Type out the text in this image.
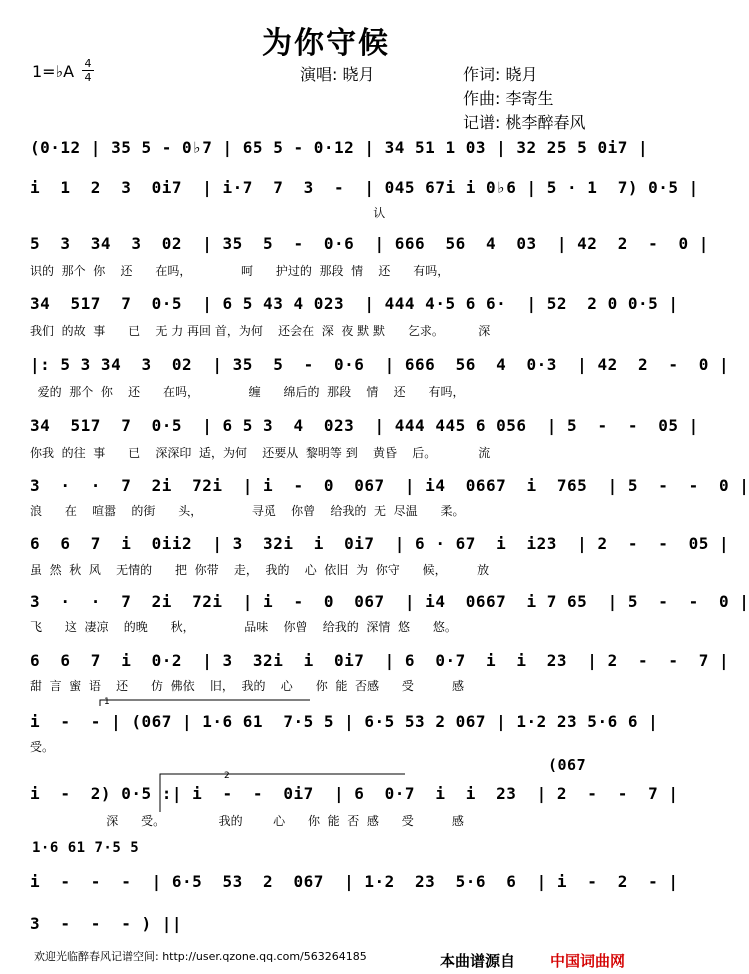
为你守候
1=♭A 4
4	演唱: 晓月	作词: 晓月
作曲: 李寄生
记谱: 桃李醉春风
(0·12 | 35 5 - 0♭7 | 65 5 - 0·12 | 34 51 1 03 | 32 25 5 0i7 |
i  1  2  3  0i7  | i·7  7  3  -  | 045 67i i 0♭6 | 5 · 1  7) 0·5 |
认
5  3  34  3  02  | 35  5  -  0·6  | 666  56  4  03  | 42  2  -  0 |
识的  那个  你    还      在吗，             呵      护过的  那段  情    还      有吗，
34  517  7  0·5  | 6 5 43 4 023  | 444 4·5 6 6·  | 52  2 0 0·5 |
我们  的故  事      已    无 力 再回 首，为何    还会在  深  夜 默 默      乞求。         深
|: 5 3 34  3  02  | 35  5  -  0·6  | 666  56  4  0·3  | 42  2  -  0 |
爱的  那个  你    还      在吗，             缠      绵后的  那段    情    还      有吗，
34  517  7  0·5  | 6 5 3  4  023  | 444 445 6 056  | 5  -  -  05 |
你我  的往  事      已    深深印  适，为何    还要从  黎明等 到    黄昏    后。           流
3  ·  ·  7  2i  72i  | i  -  0  067  | i4  0667  i  765  | 5  -  -  0 |
浪      在    喧嚣    的街      头，             寻觅    你曾    给我的  无  尽温      柔。
6  6  7  i  0ii2  | 3  32i  i  0i7  | 6 · 67  i  i23  | 2  -  -  05 |
虽  然  秋  风    无情的      把  你带    走，  我的    心  依旧  为  你守      候，        放
3  ·  ·  7  2i  72i  | i  -  0  067  | i4  0667  i 7 65  | 5  -  -  0 |
飞      这  凄凉    的晚      秋，             品味    你曾    给我的  深情  悠      悠。
6  6  7  i  0·2  | 3  32i  i  0i7  | 6  0·7  i  i  23  | 2  -  -  7 |
甜  言  蜜  语    还      仿  佛依    旧，  我的    心      你  能  否感      受          感
i  -  - | (067 | 1·6 61  7·5 5 | 6·5 53 2 067 | 1·2 23 5·6 6 |
受。
(067
i  -  2) 0·5 :| i  -  -  0i7  | 6  0·7  i  i  23  | 2  -  -  7 |
深      受。              我的        心      你  能  否  感      受          感
1·6 61 7·5 5
i  -  -  -  | 6·5  53  2  067  | 1·2  23  5·6  6  | i  -  2  - |
3  -  -  - ) ||
1
2
欢迎光临醉春风记谱空间: http://user.qzone.qq.com/563264185	本曲谱源自 中国词曲网
